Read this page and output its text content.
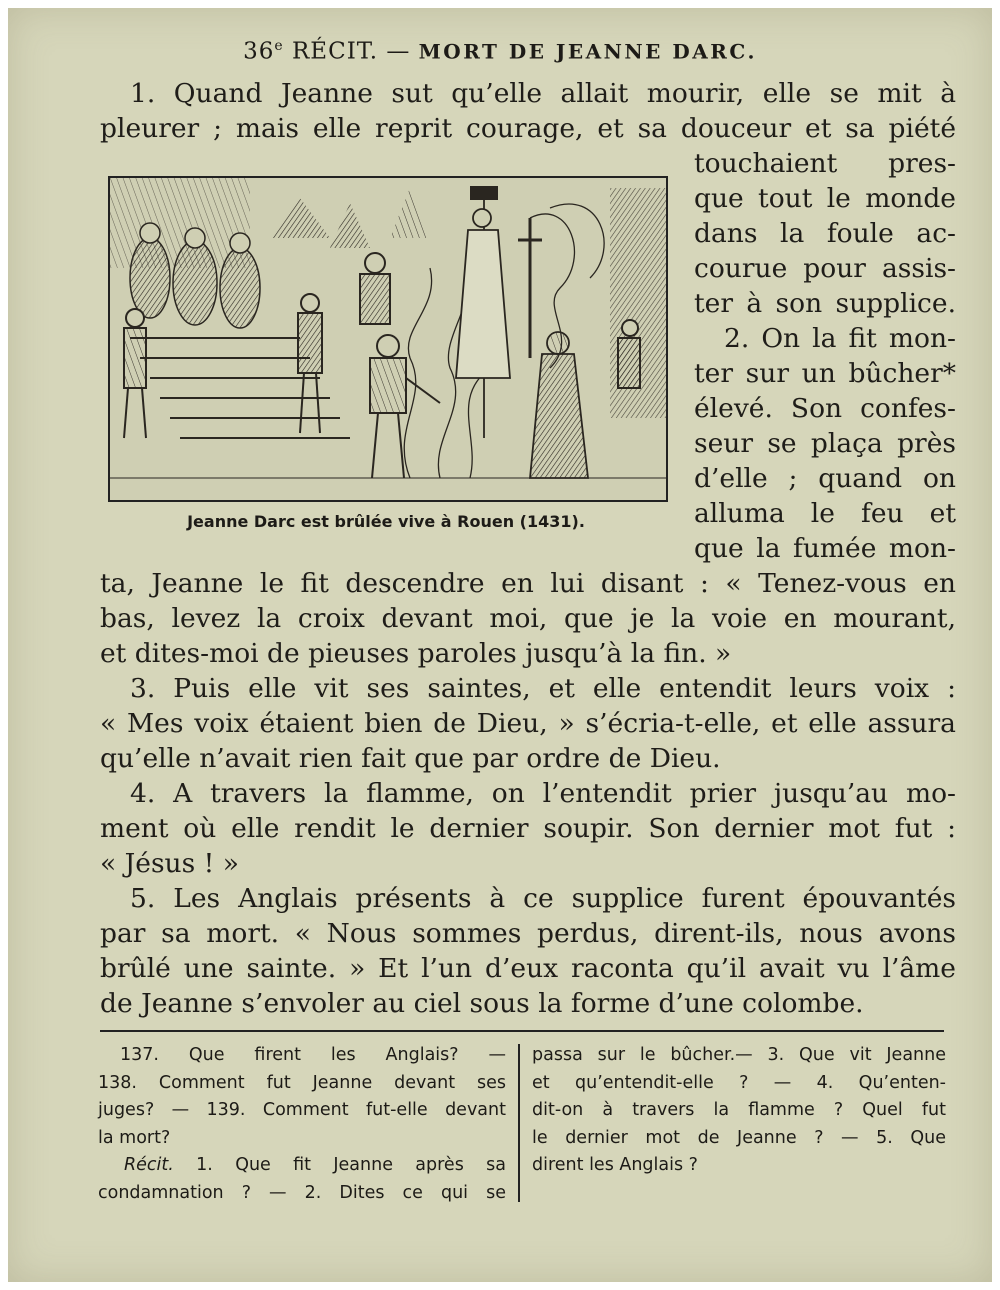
36e RÉCIT. — MORT DE JEANNE DARC.
1. Quand Jeanne sut qu’elle allait mourir, elle se mit à
pleurer ; mais elle reprit courage, et sa douceur et sa piété
Jeanne Darc est brûlée vive à Rouen (1431).
touchaient pres-
que tout le monde
dans la foule ac-
courue pour assis-
ter à son supplice.
2. On la fit mon-
ter sur un bûcher*
élevé. Son confes-
seur se plaça près
d’elle ; quand on
alluma le feu et
que la fumée mon-
ta, Jeanne le fit descendre en lui disant : « Tenez-vous en
bas, levez la croix devant moi, que je la voie en mourant,
et dites-moi de pieuses paroles jusqu’à la fin. »
3. Puis elle vit ses saintes, et elle entendit leurs voix :
« Mes voix étaient bien de Dieu, » s’écria-t-elle, et elle assura
qu’elle n’avait rien fait que par ordre de Dieu.
4. A travers la flamme, on l’entendit prier jusqu’au mo-
ment où elle rendit le dernier soupir. Son dernier mot fut :
« Jésus ! »
5. Les Anglais présents à ce supplice furent épouvantés
par sa mort. « Nous sommes perdus, dirent-ils, nous avons
brûlé une sainte. » Et l’un d’eux raconta qu’il avait vu l’âme
de Jeanne s’envoler au ciel sous la forme d’une colombe.
137. Que firent les Anglais? —
138. Comment fut Jeanne devant ses
juges? — 139. Comment fut-elle devant
la mort?
Récit. 1. Que fit Jeanne après sa
condamnation ? — 2. Dites ce qui se
passa sur le bûcher.— 3. Que vit Jeanne
et qu’entendit-elle ? — 4. Qu’enten-
dit-on à travers la flamme ? Quel fut
le dernier mot de Jeanne ? — 5. Que
dirent les Anglais ?
